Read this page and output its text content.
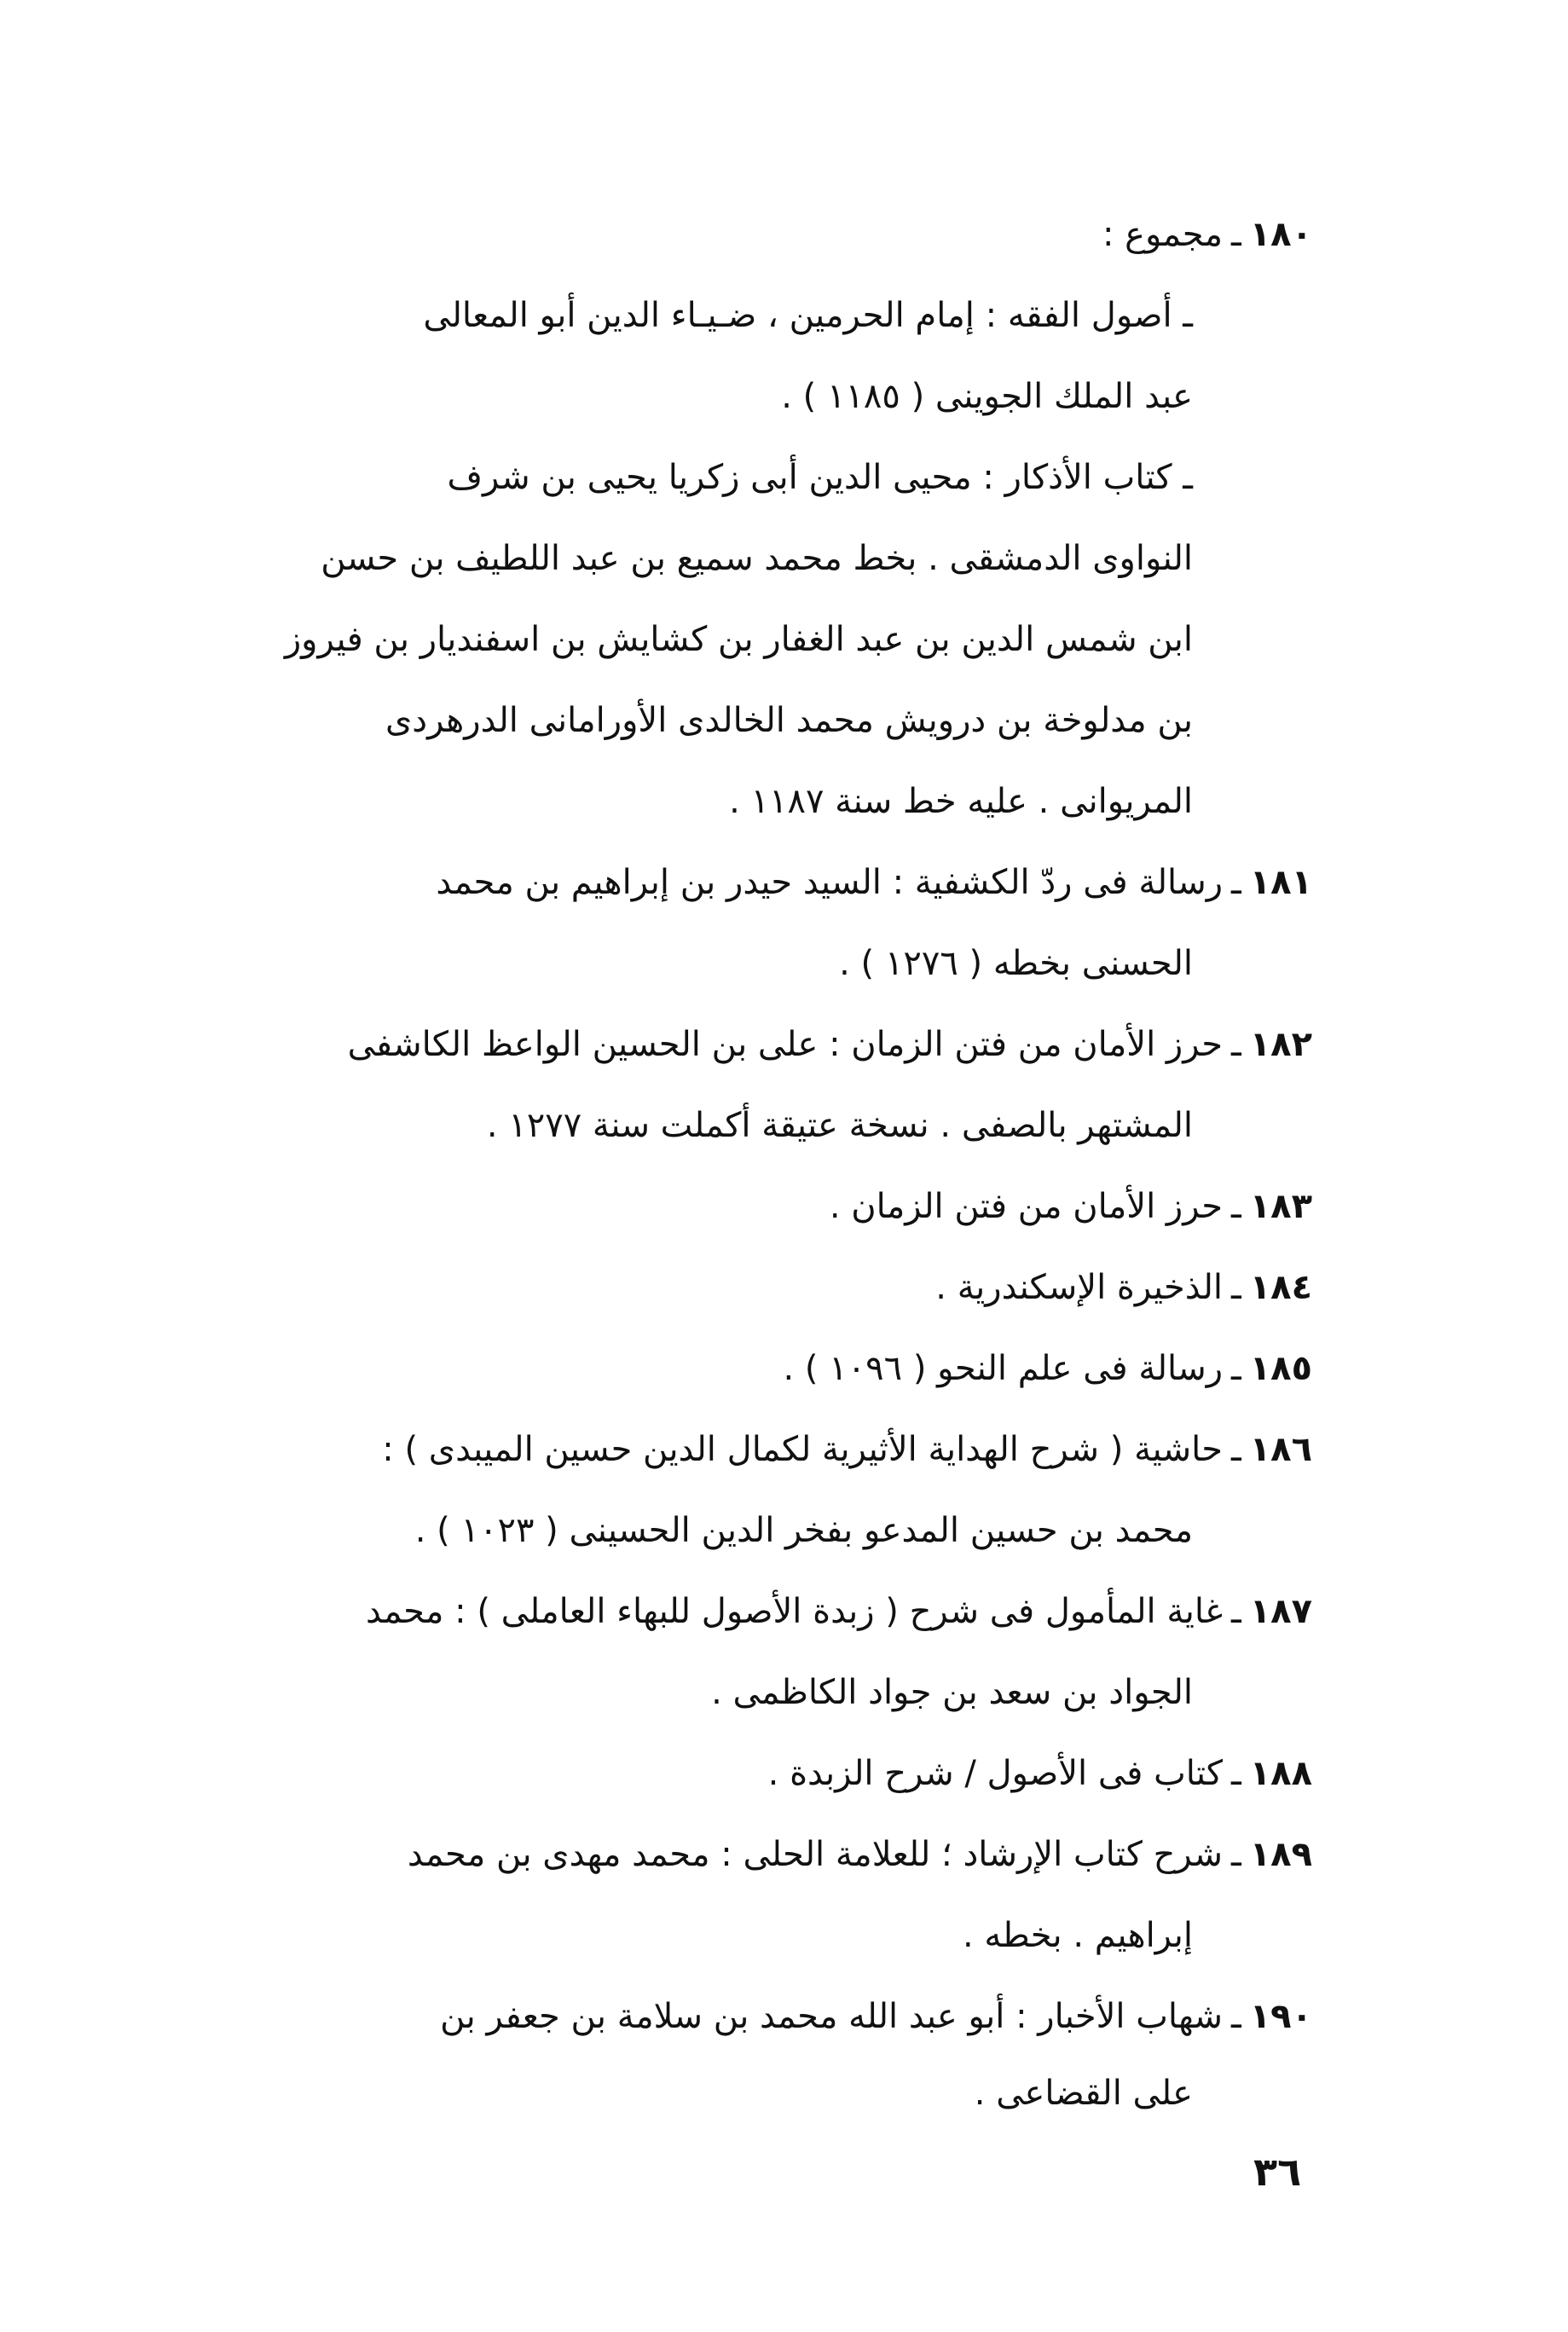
١٨٠ـمجموع :
ـ أصول الفقه : إمام الحرمين ، ضـيـاء الدين أبو المعالى
عبد الملك الجوينى ( ١١٨٥ ) .
ـ كتاب الأذكار : محيى الدين أبى زكريا يحيى بن شرف
النواوى الدمشقى . بخط محمد سميع بن عبد اللطيف بن حسن
ابن شمس الدين بن عبد الغفار بن كشايش بن اسفنديار بن فيروز
بن مدلوخة بن درويش محمد الخالدى الأورامانى الدرهردى
المريوانى . عليه خط سنة ١١٨٧ .
١٨١ـرسالة فى ردّ الكشفية : السيد حيدر بن إبراهيم بن محمد
الحسنى بخطه ( ١٢٧٦ ) .
١٨٢ـحرز الأمان من فتن الزمان : على بن الحسين الواعظ الكاشفى
المشتهر بالصفى . نسخة عتيقة أكملت سنة ١٢٧٧ .
١٨٣ـحرز الأمان من فتن الزمان .
١٨٤ـالذخيرة الإسكندرية .
١٨٥ـرسالة فى علم النحو ( ١٠٩٦ ) .
١٨٦ـحاشية ( شرح الهداية الأثيرية لكمال الدين حسين الميبدى ) :
محمد بن حسين المدعو بفخر الدين الحسينى ( ١٠٢٣ ) .
١٨٧ـغاية المأمول فى شرح ( زبدة الأصول للبهاء العاملى ) : محمد
الجواد بن سعد بن جواد الكاظمى .
١٨٨ـكتاب فى الأصول / شرح الزبدة .
١٨٩ـشرح كتاب الإرشاد ؛ للعلامة الحلى : محمد مهدى بن محمد
إبراهيم . بخطه .
١٩٠ـشهاب الأخبار : أبو عبد الله محمد بن سلامة بن جعفر بن
على القضاعى .
٣٦
